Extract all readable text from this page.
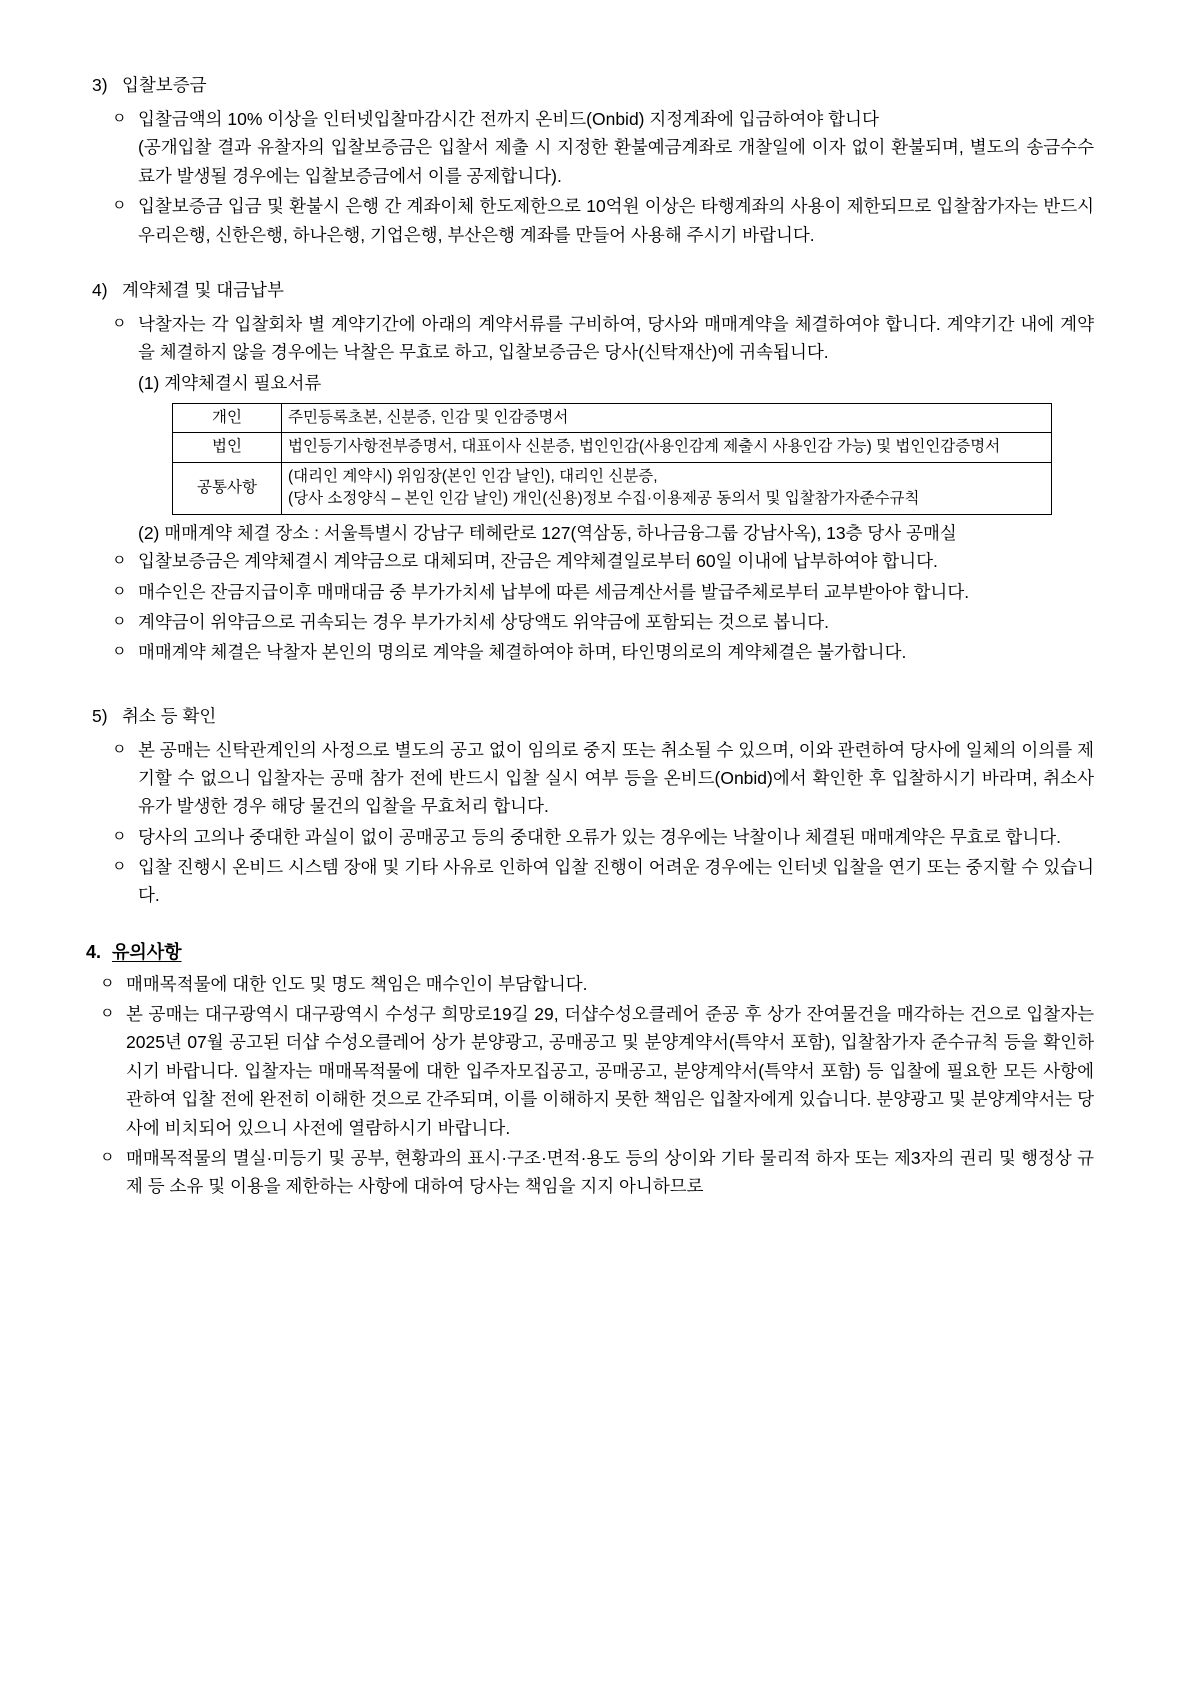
3) 입찰보증금
ㅇ 입찰금액의 10% 이상을 인터넷입찰마감시간 전까지 온비드(Onbid) 지정계좌에 입금하여야 합니다
(공개입찰 결과 유찰자의 입찰보증금은 입찰서 제출 시 지정한 환불예금계좌로 개찰일에 이자 없이 환불되며, 별도의 송금수수료가 발생될 경우에는 입찰보증금에서 이를 공제합니다).
ㅇ 입찰보증금 입금 및 환불시 은행 간 계좌이체 한도제한으로 10억원 이상은 타행계좌의 사용이 제한되므로 입찰참가자는 반드시 우리은행, 신한은행, 하나은행, 기업은행, 부산은행 계좌를 만들어 사용해 주시기 바랍니다.
4) 계약체결 및 대금납부
ㅇ 낙찰자는 각 입찰회차 별 계약기간에 아래의 계약서류를 구비하여, 당사와 매매계약을 체결하여야 합니다. 계약기간 내에 계약을 체결하지 않을 경우에는 낙찰은 무효로 하고, 입찰보증금은 당사(신탁재산)에 귀속됩니다.
(1) 계약체결시 필요서류
개인	주민등록초본, 신분증, 인감 및 인감증명서

법인	법인등기사항전부증명서, 대표이사 신분증, 법인인감(사용인감계 제출시 사용인감 가능) 및 법인인감증명서

공통사항	(대리인 계약시) 위임장(본인 인감 날인), 대리인 신분증,
(당사 소정양식 – 본인 인감 날인) 개인(신용)정보 수집·이용제공 동의서 및 입찰참가자준수규칙
(2) 매매계약 체결 장소 : 서울특별시 강남구 테헤란로 127(역삼동, 하나금융그룹 강남사옥), 13층 당사 공매실
ㅇ 입찰보증금은 계약체결시 계약금으로 대체되며, 잔금은 계약체결일로부터 60일 이내에 납부하여야 합니다.
ㅇ 매수인은 잔금지급이후 매매대금 중 부가가치세 납부에 따른 세금계산서를 발급주체로부터 교부받아야 합니다.
ㅇ 계약금이 위약금으로 귀속되는 경우 부가가치세 상당액도 위약금에 포함되는 것으로 봅니다.
ㅇ 매매계약 체결은 낙찰자 본인의 명의로 계약을 체결하여야 하며, 타인명의로의 계약체결은 불가합니다.
5) 취소 등 확인
ㅇ 본 공매는 신탁관계인의 사정으로 별도의 공고 없이 임의로 중지 또는 취소될 수 있으며, 이와 관련하여 당사에 일체의 이의를 제기할 수 없으니 입찰자는 공매 참가 전에 반드시 입찰 실시 여부 등을 온비드(Onbid)에서 확인한 후 입찰하시기 바라며, 취소사유가 발생한 경우 해당 물건의 입찰을 무효처리 합니다.
ㅇ 당사의 고의나 중대한 과실이 없이 공매공고 등의 중대한 오류가 있는 경우에는 낙찰이나 체결된 매매계약은 무효로 합니다.
ㅇ 입찰 진행시 온비드 시스템 장애 및 기타 사유로 인하여 입찰 진행이 어려운 경우에는 인터넷 입찰을 연기 또는 중지할 수 있습니다.
4. 유의사항
ㅇ 매매목적물에 대한 인도 및 명도 책임은 매수인이 부담합니다.
ㅇ 본 공매는 대구광역시 대구광역시 수성구 희망로19길 29, 더샵수성오클레어 준공 후 상가 잔여물건을 매각하는 건으로 입찰자는 2025년 07월 공고된 더샵 수성오클레어 상가 분양광고, 공매공고 및 분양계약서(특약서 포함), 입찰참가자 준수규칙 등을 확인하시기 바랍니다. 입찰자는 매매목적물에 대한 입주자모집공고, 공매공고, 분양계약서(특약서 포함) 등 입찰에 필요한 모든 사항에 관하여 입찰 전에 완전히 이해한 것으로 간주되며, 이를 이해하지 못한 책임은 입찰자에게 있습니다. 분양광고 및 분양계약서는 당사에 비치되어 있으니 사전에 열람하시기 바랍니다.
ㅇ 매매목적물의 멸실·미등기 및 공부, 현황과의 표시·구조·면적·용도 등의 상이와 기타 물리적 하자 또는 제3자의 권리 및 행정상 규제 등 소유 및 이용을 제한하는 사항에 대하여 당사는 책임을 지지 아니하므로
